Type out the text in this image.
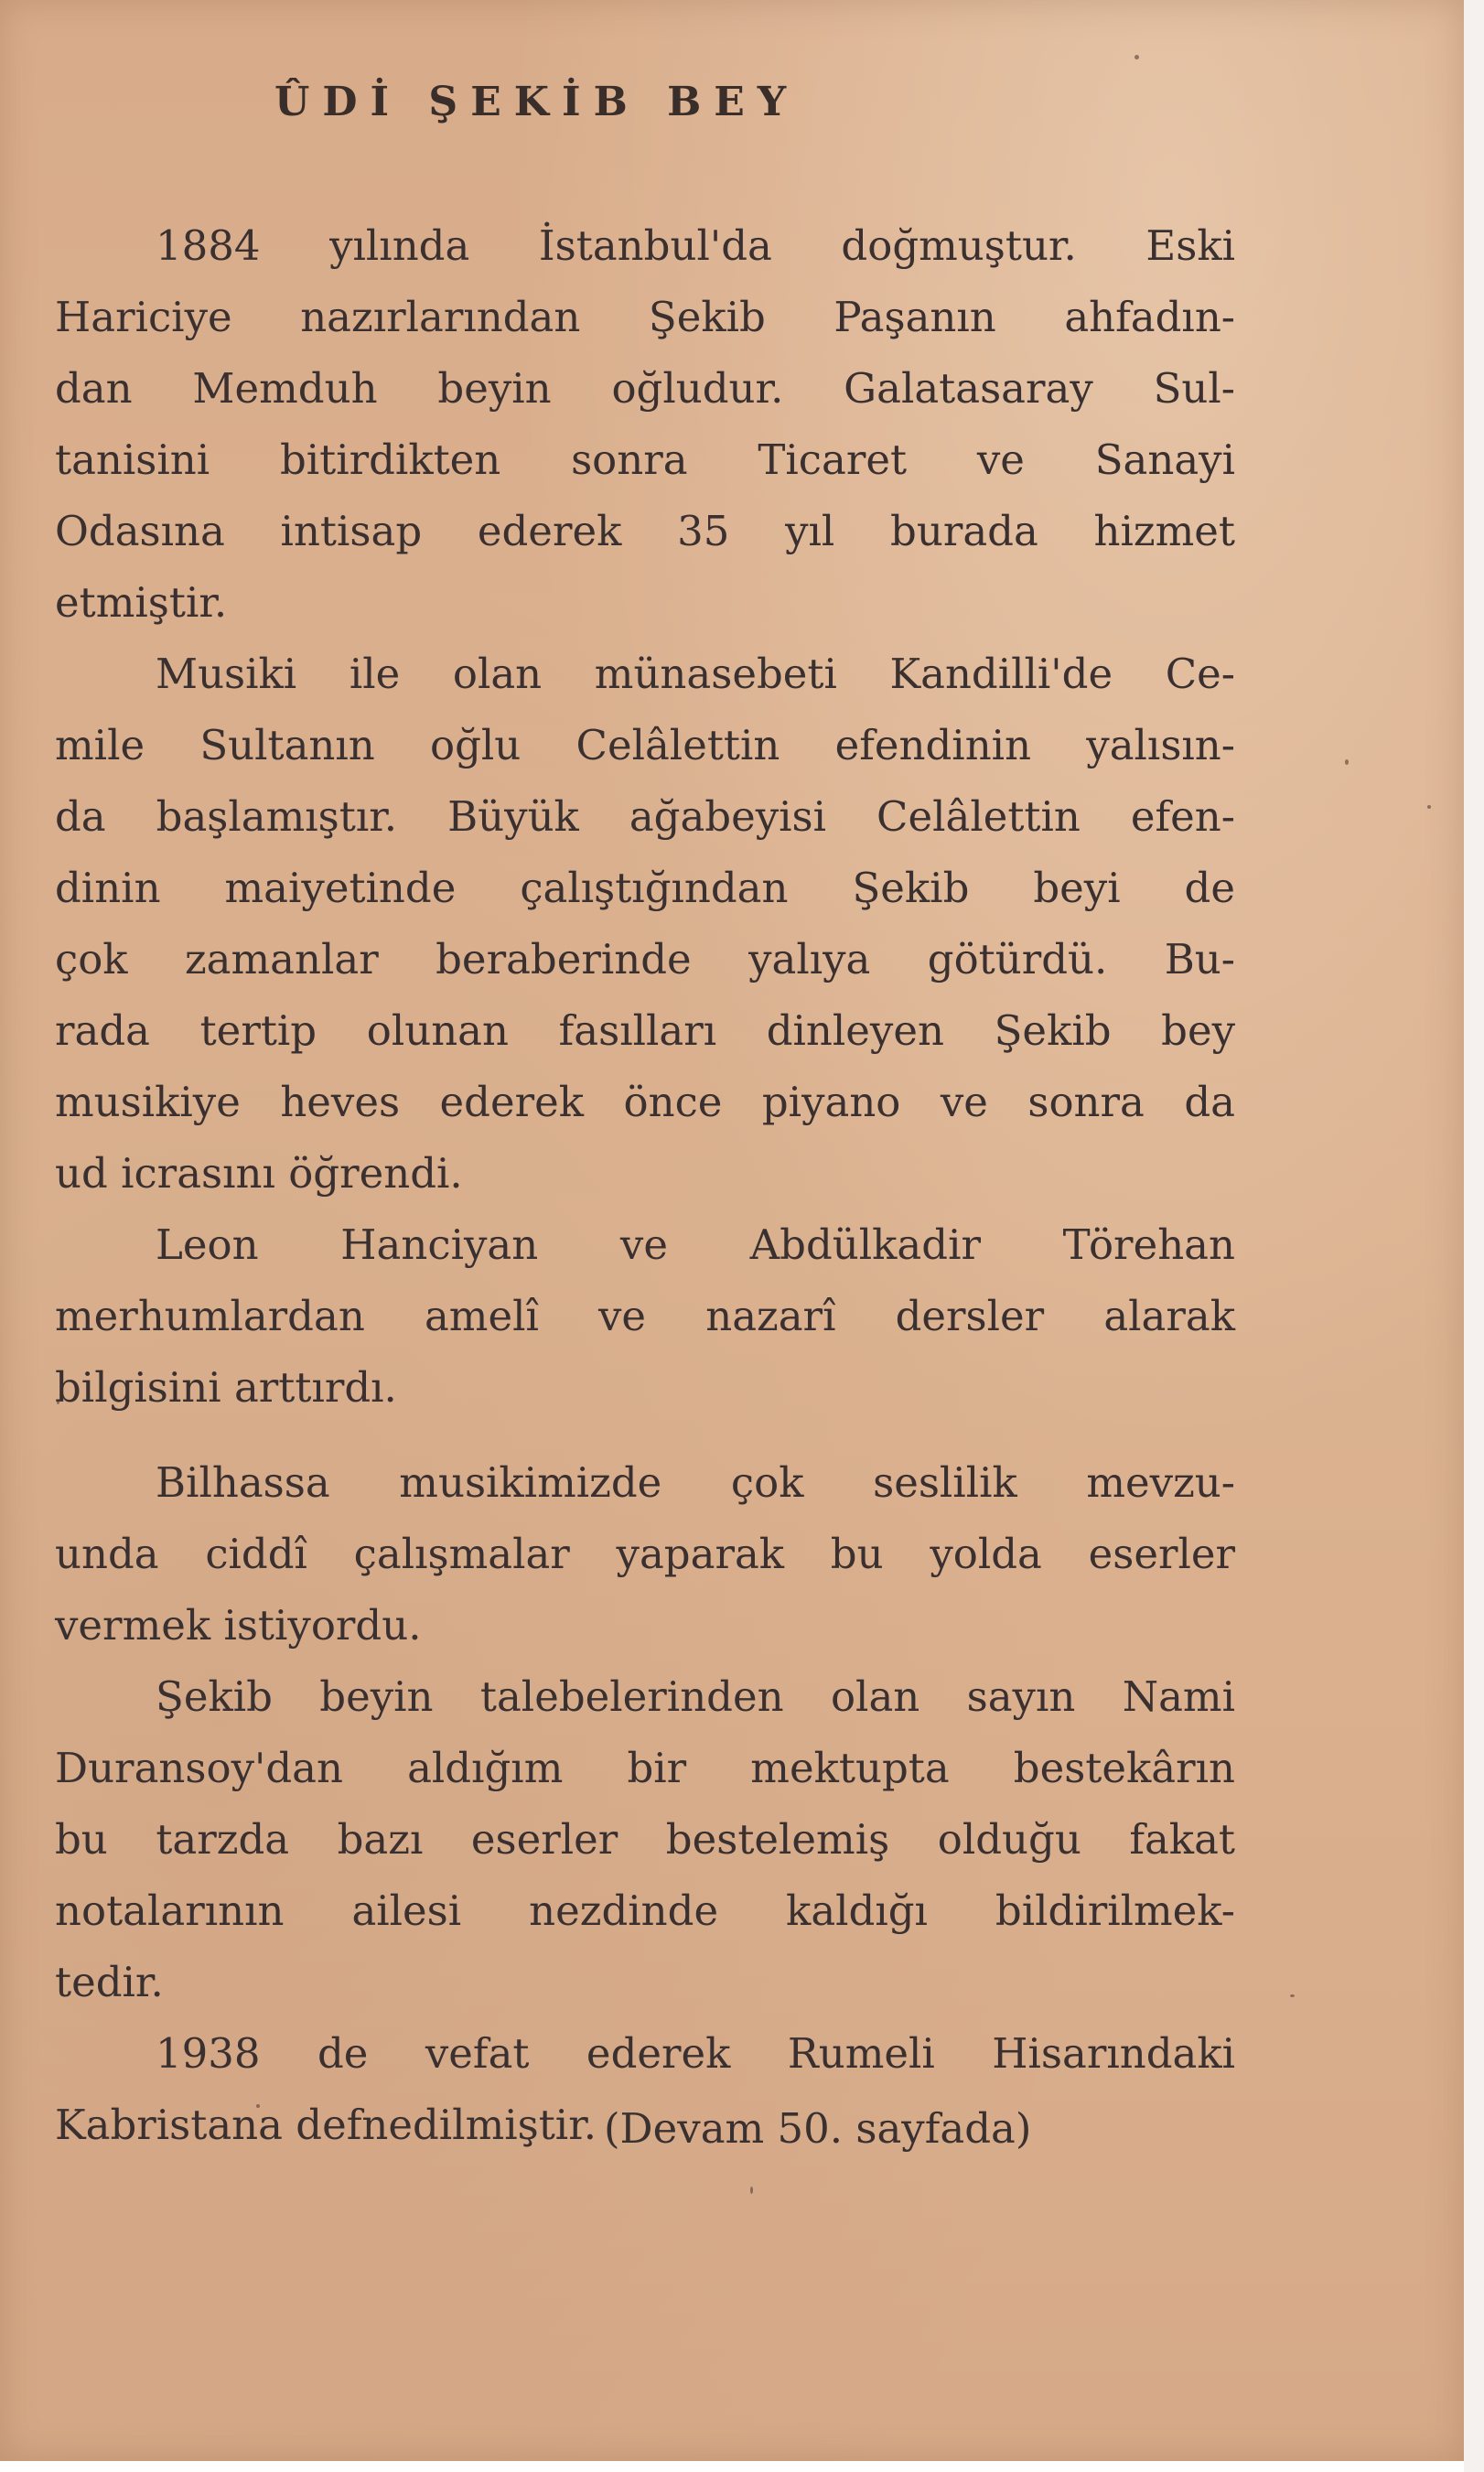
ÛDİ ŞEKİB BEY
1884 yılında İstanbul'da doğmuştur. Eski
Hariciye nazırlarından Şekib Paşanın ahfadın-
dan Memduh beyin oğludur. Galatasaray Sul-
tanisini bitirdikten sonra Ticaret ve Sanayi
Odasına intisap ederek 35 yıl burada hizmet
etmiştir.
Musiki ile olan münasebeti Kandilli'de Ce-
mile Sultanın oğlu Celâlettin efendinin yalısın-
da başlamıştır. Büyük ağabeyisi Celâlettin efen-
dinin maiyetinde çalıştığından Şekib beyi de
çok zamanlar beraberinde yalıya götürdü. Bu-
rada tertip olunan fasılları dinleyen Şekib bey
musikiye heves ederek önce piyano ve sonra da
ud icrasını öğrendi.
Leon Hanciyan ve Abdülkadir Törehan
merhumlardan amelî ve nazarî dersler alarak
bilgisini arttırdı.
Bilhassa musikimizde çok seslilik mevzu-
unda ciddî çalışmalar yaparak bu yolda eserler
vermek istiyordu.
Şekib beyin talebelerinden olan sayın Nami
Duransoy'dan aldığım bir mektupta bestekârın
bu tarzda bazı eserler bestelemiş olduğu fakat
notalarının ailesi nezdinde kaldığı bildirilmek-
tedir.
1938 de vefat ederek Rumeli Hisarındaki
Kabristana defnedilmiştir. (Devam 50. sayfada)
